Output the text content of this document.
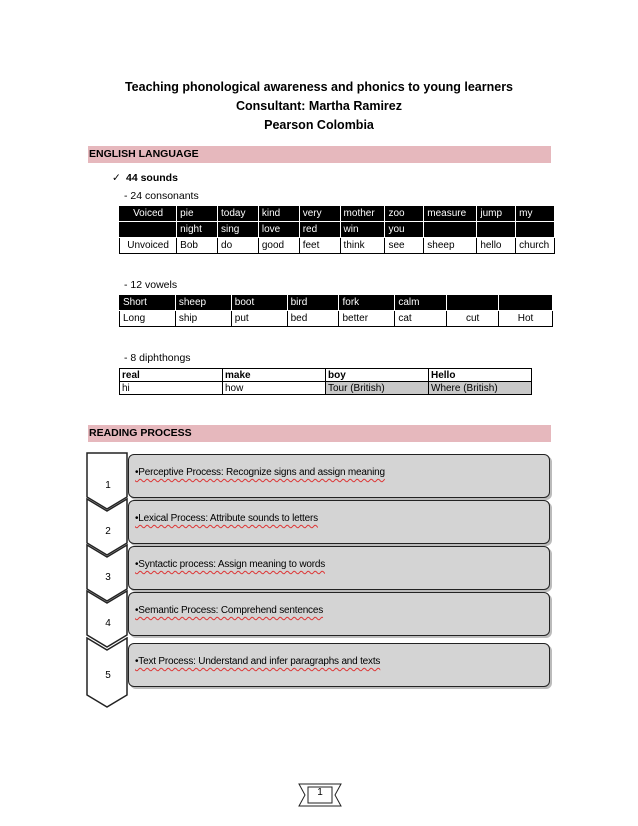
Teaching phonological awareness and phonics to young learners
Consultant: Martha Ramirez
Pearson Colombia
ENGLISH LANGUAGE
✓ 44 sounds
- 24 consonants
Voiced	pie	today	kind	very	mother	zoo	measure	jump	my
	night	sing	love	red	win	you			
Unvoiced	Bob	do	good	feet	think	see	sheep	hello	church
- 12 vowels
Short	sheep	boot	bird	fork	calm		
Long	ship	put	bed	better	cat	cut	Hot
- 8 diphthongs
real	make	boy	Hello
hi	how	Tour (British)	Where (British)
READING PROCESS
1
•Perceptive Process: Recognize signs and assign meaning
2
•Lexical Process: Attribute sounds to letters
3
•Syntactic process: Assign meaning to words
4
•Semantic Process: Comprehend sentences
5
•Text Process: Understand and infer paragraphs and texts
1
